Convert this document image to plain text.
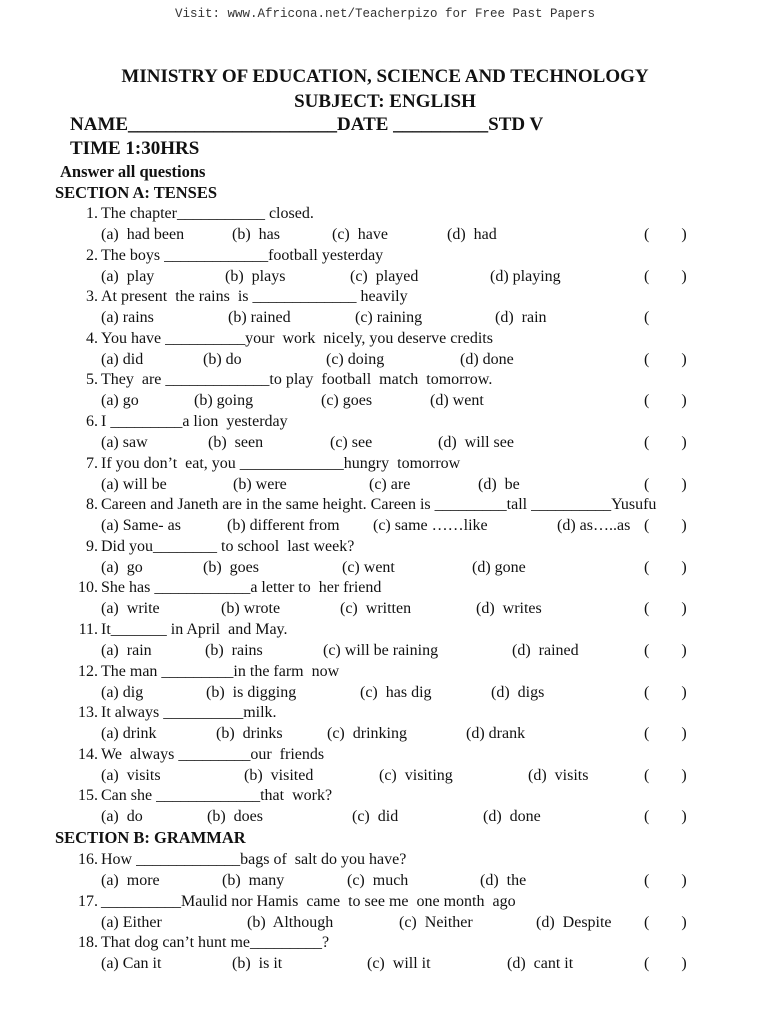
Visit: www.Africona.net/Teacherpizo for Free Past Papers
MINISTRY OF EDUCATION, SCIENCE AND TECHNOLOGY
SUBJECT: ENGLISH
NAME______________________DATE __________STD V
TIME 1:30HRS
Answer all questions
SECTION A: TENSES
1. The chapter___________ closed.
(a)  had been	(b)  has	(c)  have	(d)  had	(        )
2. The boys _____________football yesterday
(a)  play	(b)  plays	(c)  played	(d) playing	(        )
3. At present  the rains  is _____________ heavily
(a) rains	(b) rained	(c) raining	(d)  rain	(
4. You have __________your  work  nicely, you deserve credits
(a) did	(b) do	(c) doing	(d) done	(        )
5. They  are _____________to play  football  match  tomorrow.
(a) go	(b) going	(c) goes	(d) went	(        )
6. I _________a lion  yesterday
(a) saw	(b)  seen	(c) see	(d)  will see	(        )
7. If you don’t  eat, you _____________hungry  tomorrow
(a) will be	(b) were	(c) are	(d)  be	(        )
8. Careen and Janeth are in the same height. Careen is _________tall __________Yusufu
(a) Same- as	(b) different from (c) same ……like	(d) as…..as (        )
9. Did you________ to school  last week?
(a)  go	(b)  goes	(c) went	(d) gone	(        )
10. She has ____________a letter to  her friend
(a)  write	(b) wrote	(c)  written	(d)  writes	(        )
11. It_______ in April  and May.
(a)  rain	(b)  rains	(c) will be raining	(d)  rained	(        )
12. The man _________in the farm  now
(a) dig	(b)  is digging	(c)  has dig	(d)  digs	(        )
13. It always __________milk.
(a) drink	(b)  drinks	(c)  drinking	(d) drank	(        )
14. We  always _________our  friends
(a)  visits	(b)  visited	(c)  visiting	(d)  visits	(        )
15. Can she _____________that  work?
(a)  do	(b)  does	(c)  did	(d)  done	(        )
SECTION B: GRAMMAR
16. How _____________bags of  salt do you have?
(a)  more	(b)  many	(c)  much	(d)  the	(        )
17. __________Maulid nor Hamis  came  to see me  one month  ago
(a) Either	(b)  Although	(c)  Neither	(d)  Despite (        )
18. That dog can’t hunt me_________?
(a) Can it	(b)  is it	(c)  will it	(d)  cant it	(        )
